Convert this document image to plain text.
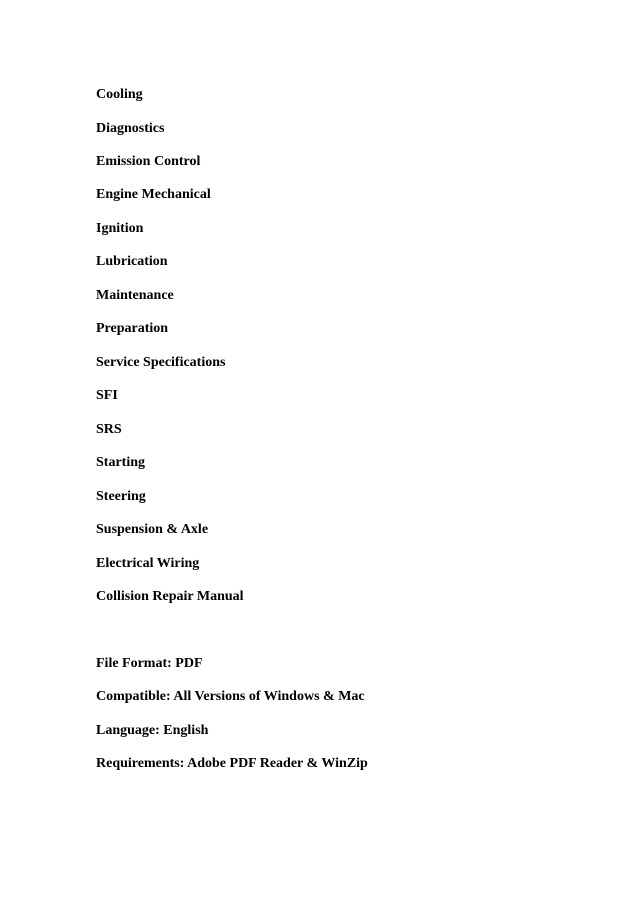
Cooling
Diagnostics
Emission Control
Engine Mechanical
Ignition
Lubrication
Maintenance
Preparation
Service Specifications
SFI
SRS
Starting
Steering
Suspension & Axle
Electrical Wiring
Collision Repair Manual
File Format: PDF
Compatible: All Versions of Windows & Mac
Language: English
Requirements: Adobe PDF Reader & WinZip
